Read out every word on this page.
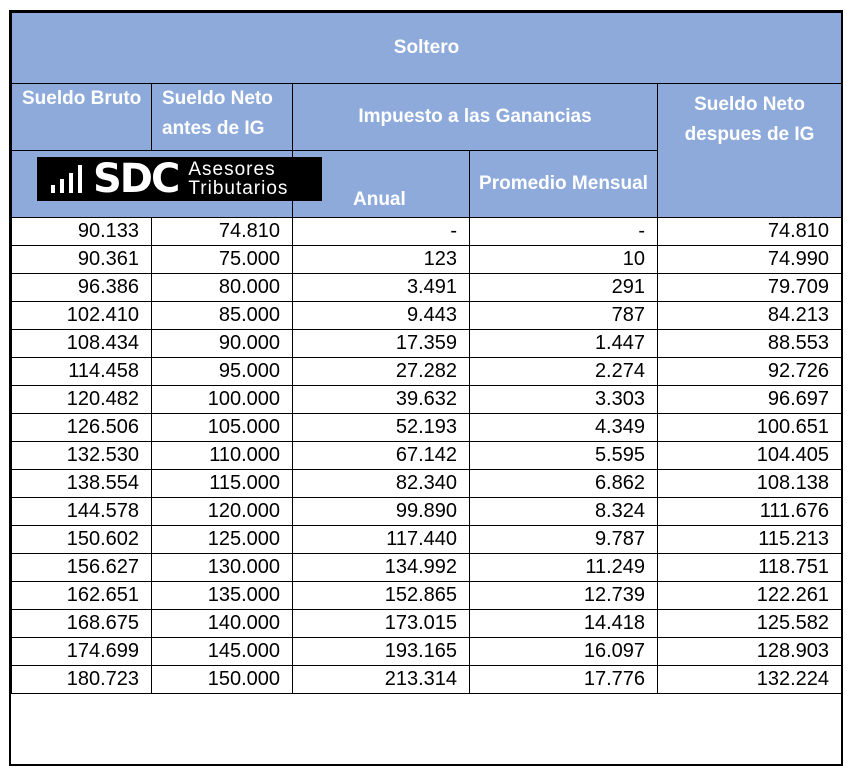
Soltero				
Sueldo Bruto	Sueldo Neto antes de IG	Impuesto a las Ganancias		Sueldo Neto despues de IG

SDC Asesores
Tributarios		Anual	Promedio Mensual	
90.133	74.810	-	-	74.810
90.361	75.000	123	10	74.990
96.386	80.000	3.491	291	79.709
102.410	85.000	9.443	787	84.213
108.434	90.000	17.359	1.447	88.553
114.458	95.000	27.282	2.274	92.726
120.482	100.000	39.632	3.303	96.697
126.506	105.000	52.193	4.349	100.651
132.530	110.000	67.142	5.595	104.405
138.554	115.000	82.340	6.862	108.138
144.578	120.000	99.890	8.324	111.676
150.602	125.000	117.440	9.787	115.213
156.627	130.000	134.992	11.249	118.751
162.651	135.000	152.865	12.739	122.261
168.675	140.000	173.015	14.418	125.582
174.699	145.000	193.165	16.097	128.903
180.723	150.000	213.314	17.776	132.224
